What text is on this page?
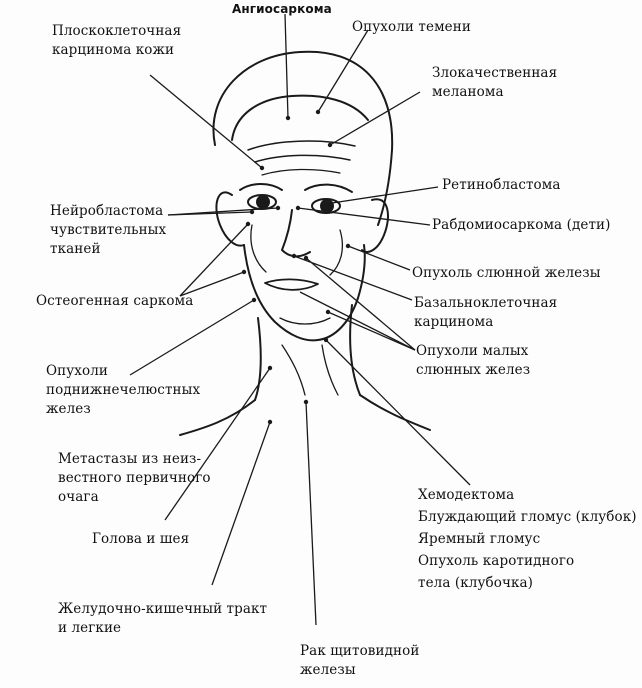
Ангиосаркома
Плоскоклеточная
карцинома кожи
Опухоли темени
Злокачественная
меланома
Ретинобластома
Нейробластома
чувствительных
тканей
Рабдомиосаркома (дети)
Опухоль слюнной железы
Остеогенная саркома	Базальноклеточная
карцинома
Опухоли
поднижнечелюстных
желез
Опухоли малых
слюнных желез
Метастазы из неиз-
вестного первичного
очага	Хемодектома
Блуждающий гломус (клубок)
Яремный гломус
Опухоль каротидного
тела (клубочка)
Голова и шея
Желудочно-кишечный тракт
и легкие
Рак щитовидной
железы
